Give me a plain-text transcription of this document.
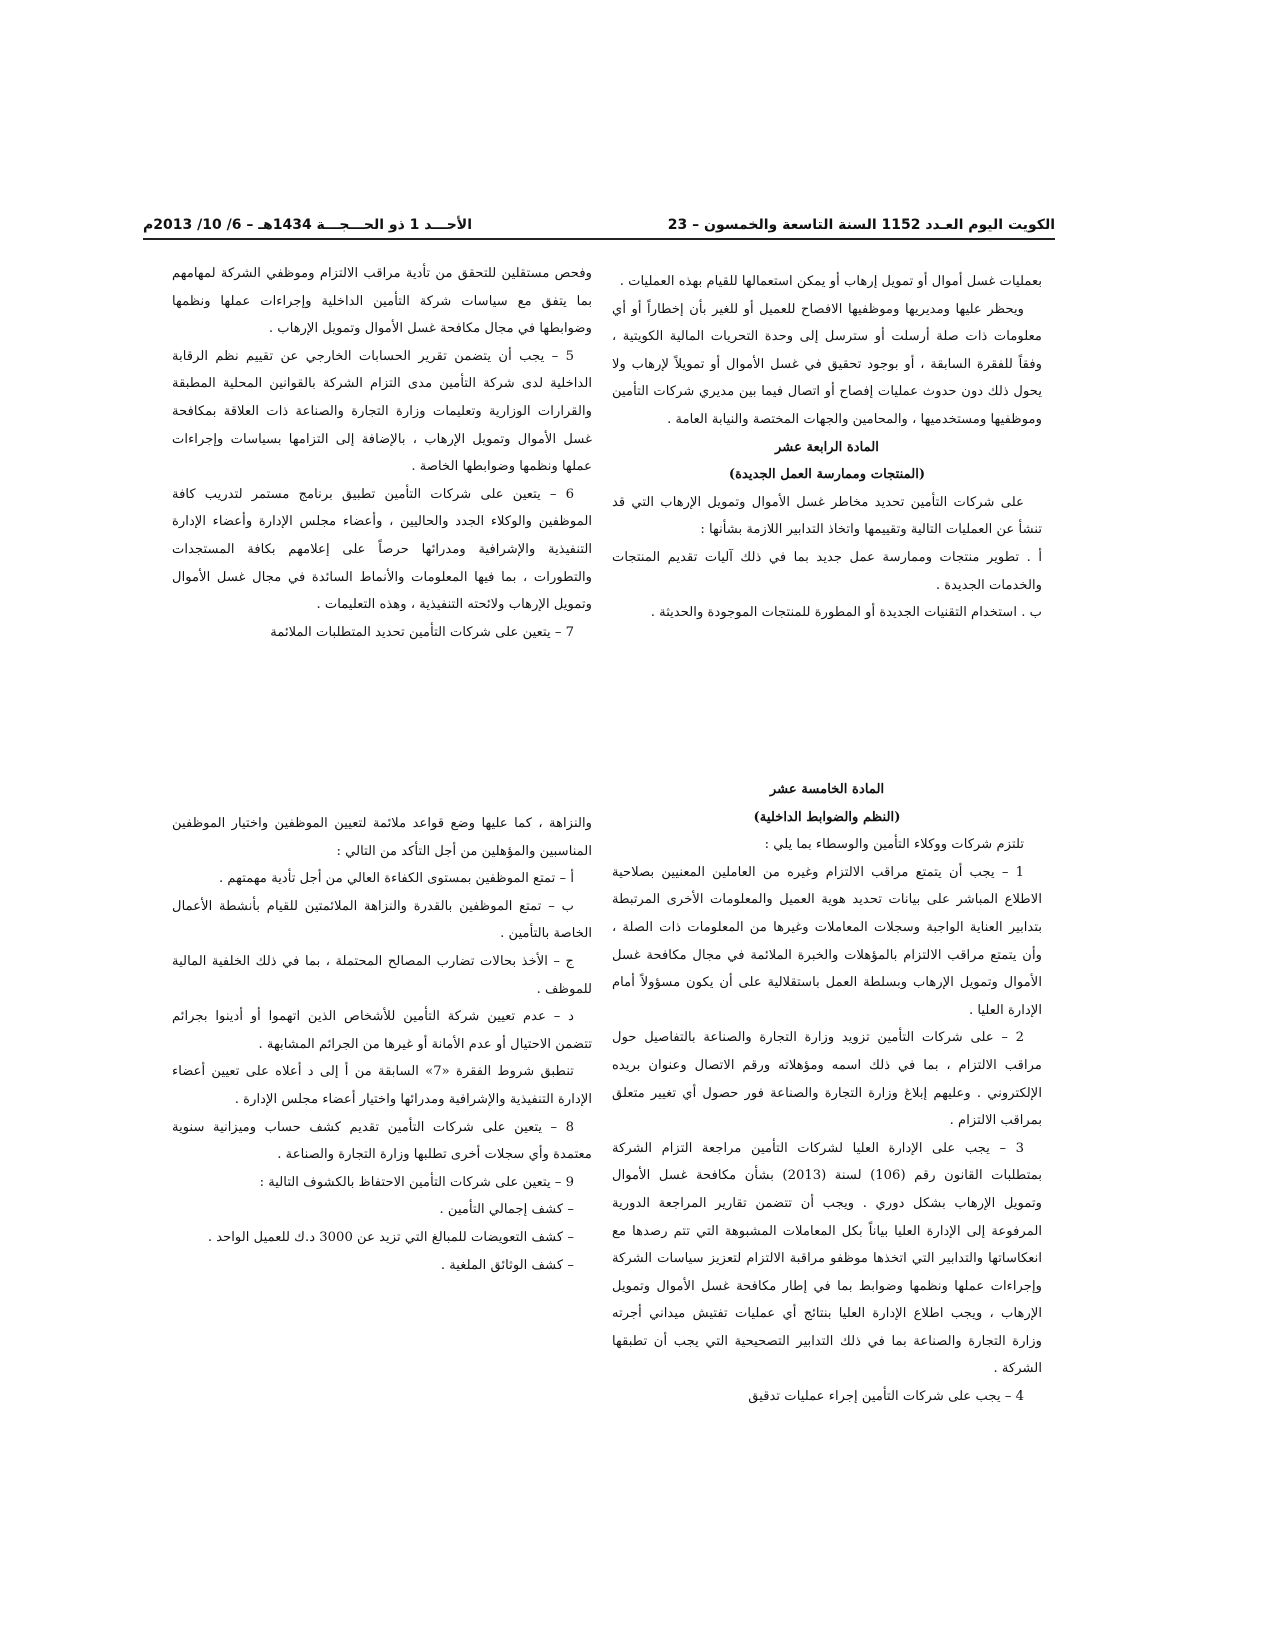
الكويت اليوم العـدد 1152 السنة التاسعة والخمسون – 23
الأحـــد 1 ذو الحـــجـــة 1434هـ – 6/ 10/ 2013م

بعمليات غسل أموال أو تمويل إرهاب أو يمكن استعمالها للقيام بهذه العمليات .

ويحظر عليها ومديريها وموظفيها الافصاح للعميل أو للغير بأن إخطاراً أو أي معلومات ذات صلة أرسلت أو سترسل إلى وحدة التحريات المالية الكويتية ، وفقاً للفقرة السابقة ، أو بوجود تحقيق في غسل الأموال أو تمويلاً لإرهاب ولا يحول ذلك دون حدوث عمليات إفصاح أو اتصال فيما بين مديري شركات التأمين وموظفيها ومستخدميها ، والمحامين والجهات المختصة والنيابة العامة .

المادة الرابعة عشر

(المنتجات وممارسة العمل الجديدة)

على شركات التأمين تحديد مخاطر غسل الأموال وتمويل الإرهاب التي قد تنشأ عن العمليات التالية وتقييمها واتخاذ التدابير اللازمة بشأنها :

أ . تطوير منتجات وممارسة عمل جديد بما في ذلك آليات تقديم المنتجات والخدمات الجديدة .

ب . استخدام التقنيات الجديدة أو المطورة للمنتجات الموجودة والحديثة .

وفحص مستقلين للتحقق من تأدية مراقب الالتزام وموظفي الشركة لمهامهم بما يتفق مع سياسات شركة التأمين الداخلية وإجراءات عملها ونظمها وضوابطها في مجال مكافحة غسل الأموال وتمويل الإرهاب .

5 – يجب أن يتضمن تقرير الحسابات الخارجي عن تقييم نظم الرقابة الداخلية لدى شركة التأمين مدى التزام الشركة بالقوانين المحلية المطبقة والقرارات الوزارية وتعليمات وزارة التجارة والصناعة ذات العلاقة بمكافحة غسل الأموال وتمويل الإرهاب ، بالإضافة إلى التزامها بسياسات وإجراءات عملها ونظمها وضوابطها الخاصة .

6 – يتعين على شركات التأمين تطبيق برنامج مستمر لتدريب كافة الموظفين والوكلاء الجدد والحاليين ، وأعضاء مجلس الإدارة وأعضاء الإدارة التنفيذية والإشرافية ومدرائها حرصاً على إعلامهم بكافة المستجدات والتطورات ، بما فيها المعلومات والأنماط السائدة في مجال غسل الأموال وتمويل الإرهاب ولائحته التنفيذية ، وهذه التعليمات .

7 – يتعين على شركات التأمين تحديد المتطلبات الملائمة

المادة الخامسة عشر

(النظم والضوابط الداخلية)

تلتزم شركات ووكلاء التأمين والوسطاء بما يلي :

1 – يجب أن يتمتع مراقب الالتزام وغيره من العاملين المعنيين بصلاحية الاطلاع المباشر على بيانات تحديد هوية العميل والمعلومات الأخرى المرتبطة بتدابير العناية الواجبة وسجلات المعاملات وغيرها من المعلومات ذات الصلة ، وأن يتمتع مراقب الالتزام بالمؤهلات والخبرة الملائمة في مجال مكافحة غسل الأموال وتمويل الإرهاب وبسلطة العمل باستقلالية على أن يكون مسؤولاً أمام الإدارة العليا .

2 – على شركات التأمين تزويد وزارة التجارة والصناعة بالتفاصيل حول مراقب الالتزام ، بما في ذلك اسمه ومؤهلاته ورقم الاتصال وعنوان بريده الإلكتروني . وعليهم إبلاغ وزارة التجارة والصناعة فور حصول أي تغيير متعلق بمراقب الالتزام .

3 – يجب على الإدارة العليا لشركات التأمين مراجعة التزام الشركة بمتطلبات القانون رقم (106) لسنة (2013) بشأن مكافحة غسل الأموال وتمويل الإرهاب بشكل دوري . ويجب أن تتضمن تقارير المراجعة الدورية المرفوعة إلى الإدارة العليا بياناً بكل المعاملات المشبوهة التي تتم رصدها مع انعكاساتها والتدابير التي اتخذها موظفو مراقبة الالتزام لتعزيز سياسات الشركة وإجراءات عملها ونظمها وضوابط بما في إطار مكافحة غسل الأموال وتمويل الإرهاب ، ويجب اطلاع الإدارة العليا بنتائج أي عمليات تفتيش ميداني أجرته وزارة التجارة والصناعة بما في ذلك التدابير التصحيحية التي يجب أن تطبقها الشركة .

4 – يجب على شركات التأمين إجراء عمليات تدقيق

والنزاهة ، كما عليها وضع قواعد ملائمة لتعيين الموظفين واختيار الموظفين المناسبين والمؤهلين من أجل التأكد من التالي :

أ – تمتع الموظفين بمستوى الكفاءة العالي من أجل تأدية مهمتهم .

ب – تمتع الموظفين بالقدرة والنزاهة الملائمتين للقيام بأنشطة الأعمال الخاصة بالتأمين .

ج – الأخذ بحالات تضارب المصالح المحتملة ، بما في ذلك الخلفية المالية للموظف .

د – عدم تعيين شركة التأمين للأشخاص الذين اتهموا أو أدينوا بجرائم تتضمن الاحتيال أو عدم الأمانة أو غيرها من الجرائم المشابهة .

تنطبق شروط الفقرة «7» السابقة من أ إلى د أعلاه على تعيين أعضاء الإدارة التنفيذية والإشرافية ومدرائها واختيار أعضاء مجلس الإدارة .

8 – يتعين على شركات التأمين تقديم كشف حساب وميزانية سنوية معتمدة وأي سجلات أخرى تطلبها وزارة التجارة والصناعة .

9 – يتعين على شركات التأمين الاحتفاظ بالكشوف التالية :

– كشف إجمالي التأمين .

– كشف التعويضات للمبالغ التي تزيد عن 3000 د.ك للعميل الواحد .

– كشف الوثائق الملغية .
